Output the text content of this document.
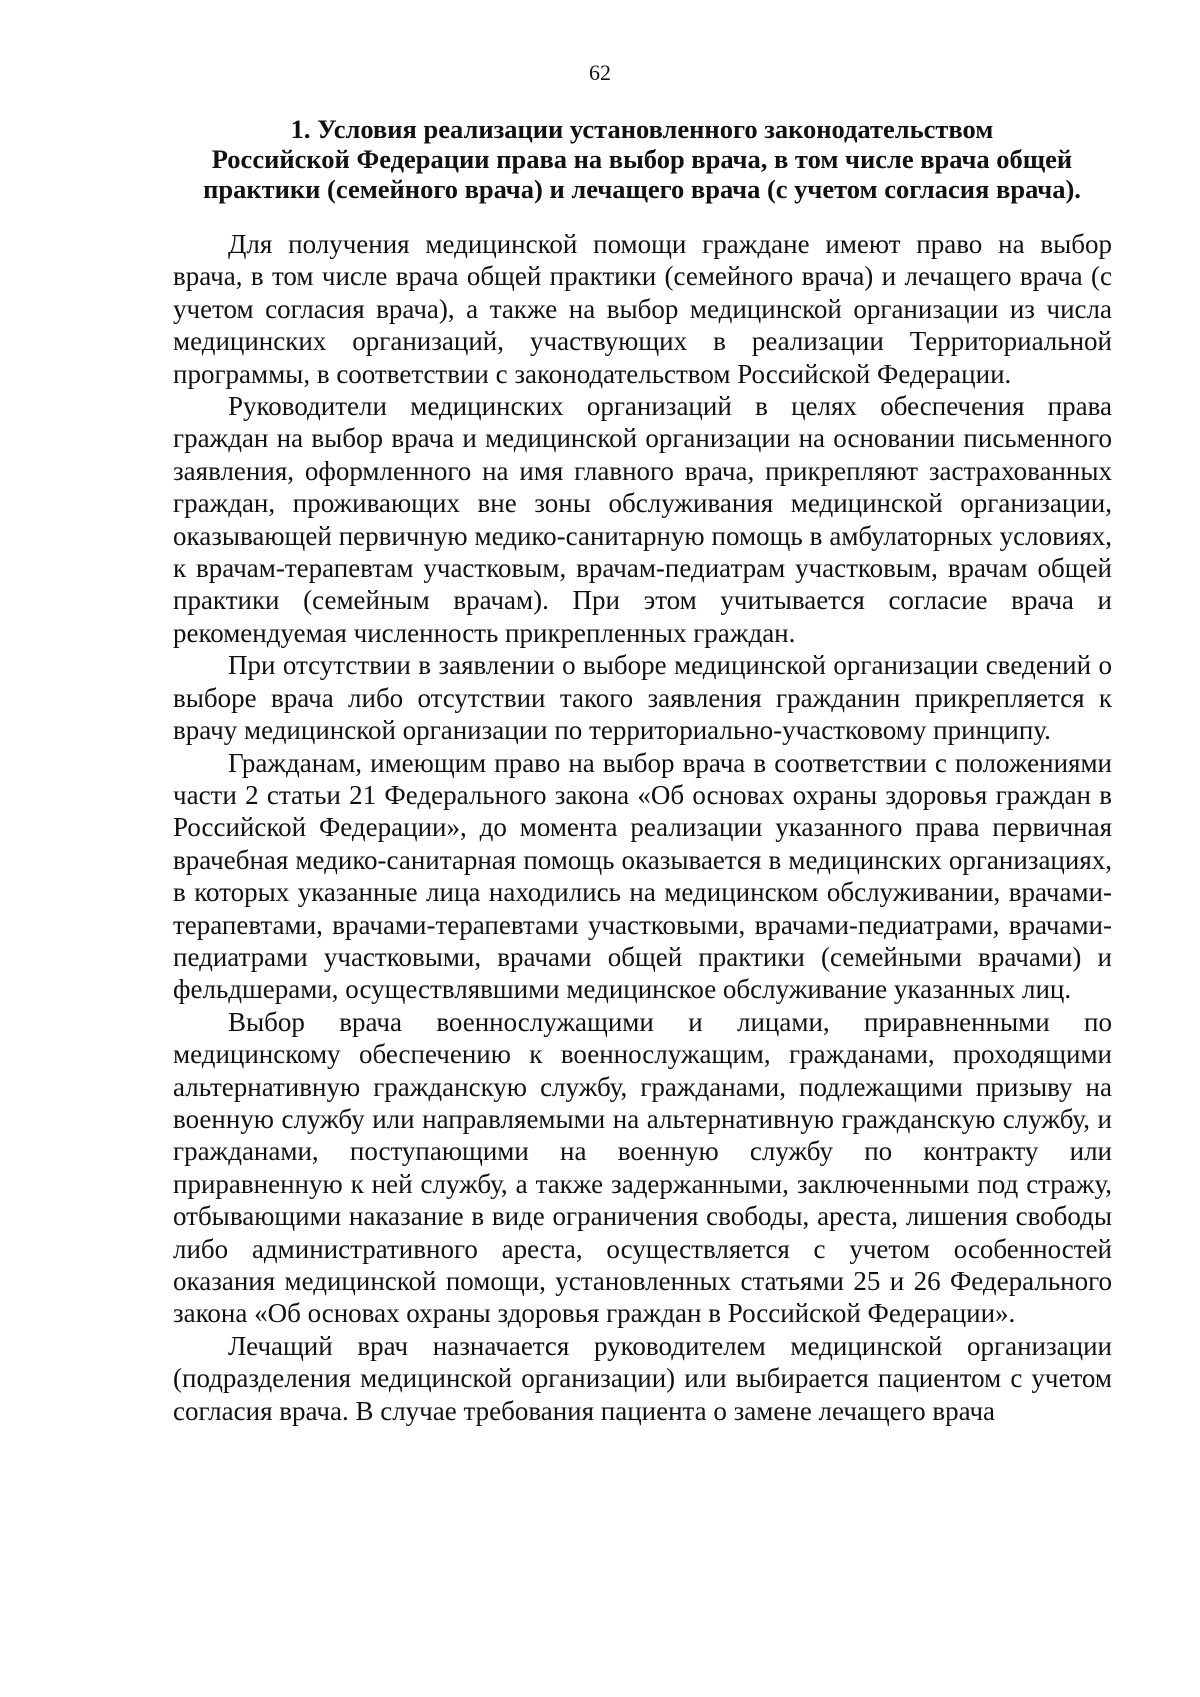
62
1. Условия реализации установленного законодательством
Российской Федерации права на выбор врача, в том числе врача общей
практики (семейного врача) и лечащего врача (с учетом согласия врача).

Для получения медицинской помощи граждане имеют право на выбор врача, в том числе врача общей практики (семейного врача) и лечащего врача (с учетом согласия врача), а также на выбор медицинской организации из числа медицинских организаций, участвующих в реализации Территориальной программы, в соответствии с законодательством Российской Федерации.

Руководители медицинских организаций в целях обеспечения права граждан на выбор врача и медицинской организации на основании письменного заявления, оформленного на имя главного врача, прикрепляют застрахованных граждан, проживающих вне зоны обслуживания медицинской организации, оказывающей первичную медико-санитарную помощь в амбулаторных условиях, к врачам-терапевтам участковым, врачам-педиатрам участковым, врачам общей практики (семейным врачам). При этом учитывается согласие врача и рекомендуемая численность прикрепленных граждан.

При отсутствии в заявлении о выборе медицинской организации сведений о выборе врача либо отсутствии такого заявления гражданин прикрепляется к врачу медицинской организации по территориально-участковому принципу.

Гражданам, имеющим право на выбор врача в соответствии с положениями части 2 статьи 21 Федерального закона «Об основах охраны здоровья граждан в Российской Федерации», до момента реализации указанного права первичная врачебная медико-санитарная помощь оказывается в медицинских организациях, в которых указанные лица находились на медицинском обслуживании, врачами-терапевтами, врачами-терапевтами участковыми, врачами-педиатрами, врачами-педиатрами участковыми, врачами общей практики (семейными врачами) и фельдшерами, осуществлявшими медицинское обслуживание указанных лиц.

Выбор врача военнослужащими и лицами, приравненными по медицинскому обеспечению к военнослужащим, гражданами, проходящими альтернативную гражданскую службу, гражданами, подлежащими призыву на военную службу или направляемыми на альтернативную гражданскую службу, и гражданами, поступающими на военную службу по контракту или приравненную к ней службу, а также задержанными, заключенными под стражу, отбывающими наказание в виде ограничения свободы, ареста, лишения свободы либо административного ареста, осуществляется с учетом особенностей оказания медицинской помощи, установленных статьями 25 и 26 Федерального закона «Об основах охраны здоровья граждан в Российской Федерации».

Лечащий врач назначается руководителем медицинской организации (подразделения медицинской организации) или выбирается пациентом с учетом согласия врача. В случае требования пациента о замене лечащего врача
